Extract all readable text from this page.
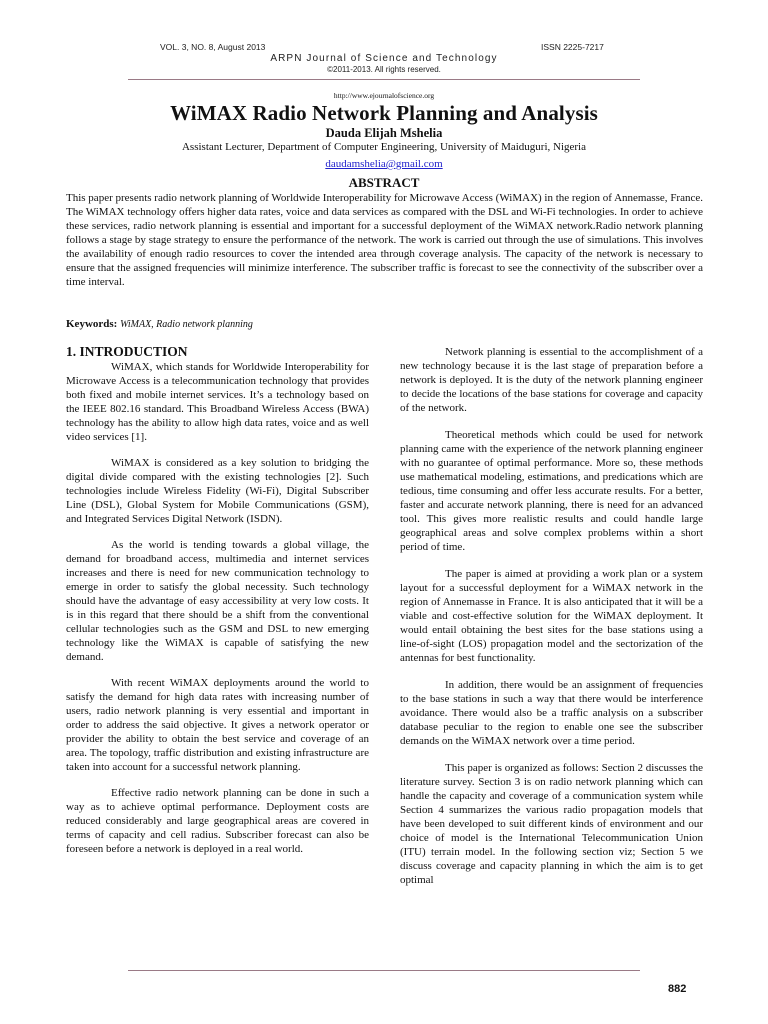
VOL. 3, NO. 8, August 2013	ISSN 2225-7217
ARPN Journal of Science and Technology
©2011-2013. All rights reserved.
http://www.ejournalofscience.org
WiMAX Radio Network Planning and Analysis
Dauda Elijah Mshelia
Assistant Lecturer, Department of Computer Engineering, University of Maiduguri, Nigeria
daudamshelia@gmail.com
ABSTRACT
This paper presents radio network planning of Worldwide Interoperability for Microwave Access (WiMAX) in the region of Annemasse, France. The WiMAX technology offers higher data rates, voice and data services as compared with the DSL and Wi-Fi technologies. In order to achieve these services, radio network planning is essential and important for a successful deployment of the WiMAX network.Radio network planning follows a stage by stage strategy to ensure the performance of the network. The work is carried out through the use of simulations. This involves the availability of enough radio resources to cover the intended area through coverage analysis. The capacity of the network is necessary to ensure that the assigned frequencies will minimize interference. The subscriber traffic is forecast to see the connectivity of the subscriber over a time interval.
Keywords: WiMAX, Radio network planning
1. INTRODUCTION

WiMAX, which stands for Worldwide Interoperability for Microwave Access is a telecommunication technology that provides both fixed and mobile internet services. It’s a technology based on the IEEE 802.16 standard. This Broadband Wireless Access (BWA) technology has the ability to allow high data rates, voice and as well video services [1].

WiMAX is considered as a key solution to bridging the digital divide compared with the existing technologies [2]. Such technologies include Wireless Fidelity (Wi-Fi), Digital Subscriber Line (DSL), Global System for Mobile Communications (GSM), and Integrated Services Digital Network (ISDN).

As the world is tending towards a global village, the demand for broadband access, multimedia and internet services increases and there is need for new communication technology to emerge in order to satisfy the global necessity. Such technology should have the advantage of easy accessibility at very low costs. It is in this regard that there should be a shift from the conventional cellular technologies such as the GSM and DSL to new emerging technology like the WiMAX is capable of satisfying the new demand.

With recent WiMAX deployments around the world to satisfy the demand for high data rates with increasing number of users, radio network planning is very essential and important in order to address the said objective. It gives a network operator or provider the ability to obtain the best service and coverage of an area. The topology, traffic distribution and existing infrastructure are taken into account for a successful network planning.

Effective radio network planning can be done in such a way as to achieve optimal performance. Deployment costs are reduced considerably and large geographical areas are covered in terms of capacity and cell radius. Subscriber forecast can also be foreseen before a network is deployed in a real world.

Network planning is essential to the accomplishment of a new technology because it is the last stage of preparation before a network is deployed. It is the duty of the network planning engineer to decide the locations of the base stations for coverage and capacity of the network.

Theoretical methods which could be used for network planning came with the experience of the network planning engineer with no guarantee of optimal performance. More so, these methods use mathematical modeling, estimations, and predications which are tedious, time consuming and offer less accurate results. For a better, faster and accurate network planning, there is need for an advanced tool. This gives more realistic results and could handle large geographical areas and solve complex problems within a short period of time.

The paper is aimed at providing a work plan or a system layout for a successful deployment for a WiMAX network in the region of Annemasse in France. It is also anticipated that it will be a viable and cost-effective solution for the WiMAX deployment. It would entail obtaining the best sites for the base stations using a line-of-sight (LOS) propagation model and the sectorization of the antennas for best functionality.

In addition, there would be an assignment of frequencies to the base stations in such a way that there would be interference avoidance. There would also be a traffic analysis on a subscriber database peculiar to the region to enable one see the subscriber demands on the WiMAX network over a time period.

This paper is organized as follows: Section 2 discusses the literature survey. Section 3 is on radio network planning which can handle the capacity and coverage of a communication system while Section 4 summarizes the various radio propagation models that have been developed to suit different kinds of environment and our choice of model is the International Telecommunication Union (ITU) terrain model. In the following section viz; Section 5 we discuss coverage and capacity planning in which the aim is to get optimal

882
